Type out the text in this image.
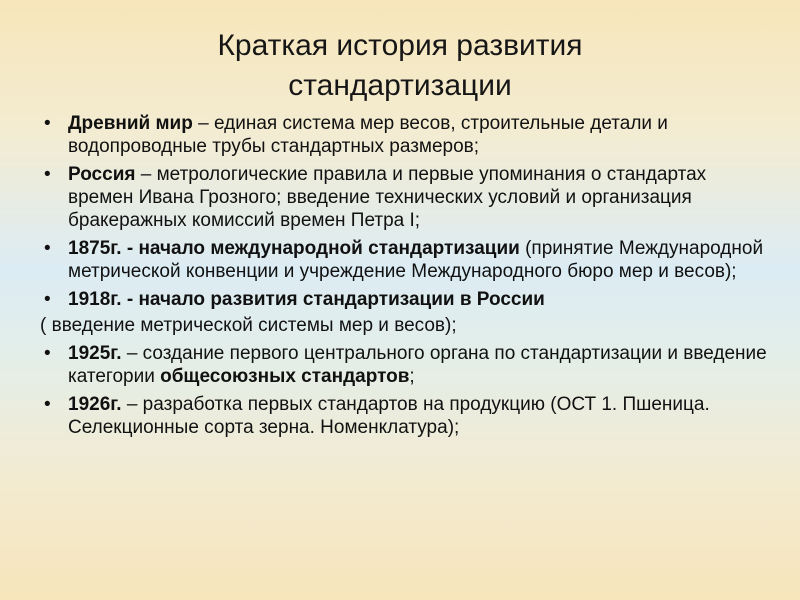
Краткая история развития
стандартизации
• Древний мир – единая система мер весов, строительные детали и водопроводные трубы стандартных размеров;
• Россия – метрологические правила и первые упоминания о стандартах времен Ивана Грозного; введение технических условий и организация бракеражных комиссий времен Петра I;
• 1875г. - начало международной стандартизации (принятие Международной метрической конвенции и учреждение Международного бюро мер и весов);
• 1918г. - начало развития стандартизации в России
( введение метрической системы мер и весов);
• 1925г. – создание первого центрального органа по стандартизации и введение категории общесоюзных стандартов;
• 1926г. – разработка первых стандартов на продукцию (ОСТ 1. Пшеница. Селекционные сорта зерна. Номенклатура);
